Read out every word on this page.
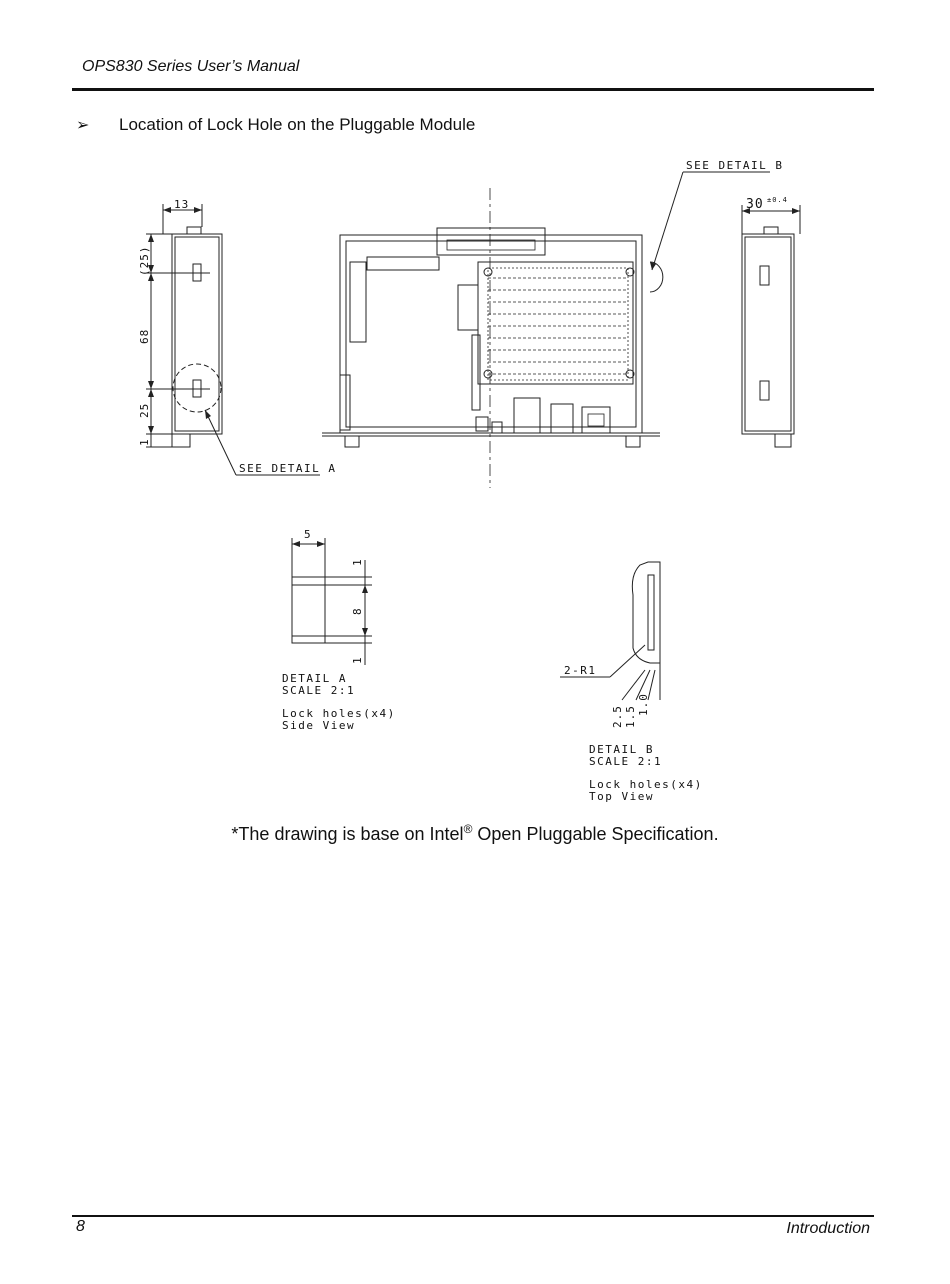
OPS830 Series User’s Manual
➢ Location of Lock Hole on the Pluggable Module
SEE DETAIL B
SEE DETAIL A
13	30 ±0.4
(25)
68
25
1
5
1
8
1
DETAIL A
SCALE 2:1
Lock holes(x4)
Side View
2-R1
2.5 1.5
1.0
DETAIL B
SCALE 2:1
Lock holes(x4)
Top View
*The drawing is base on Intel® Open Pluggable Specification.
8	Introduction
